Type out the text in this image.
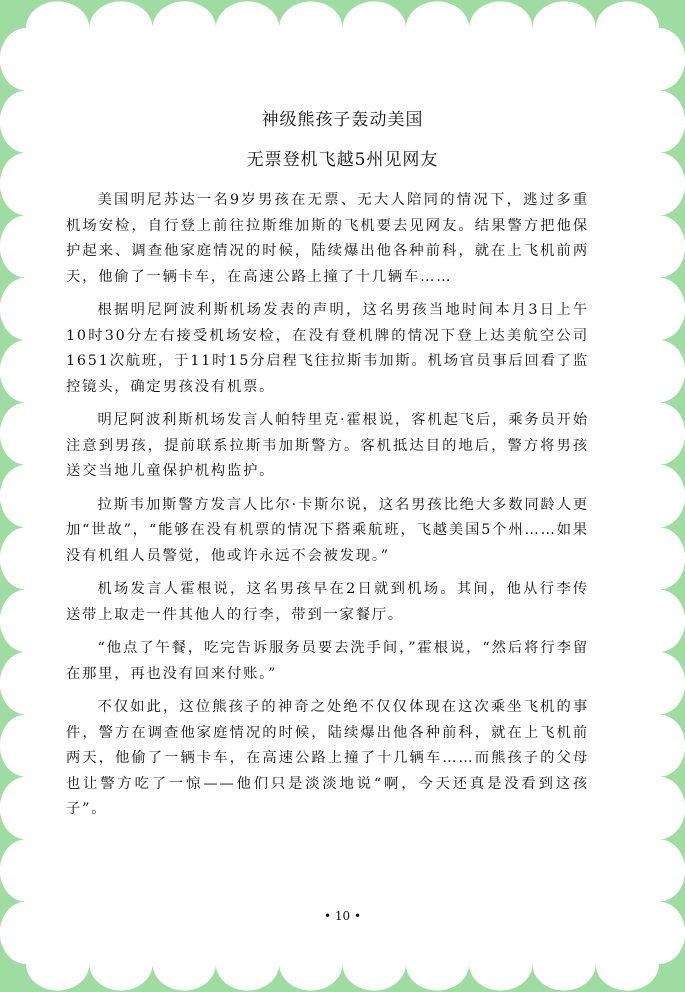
神级熊孩子轰动美国
无票登机飞越5州见网友

美国明尼苏达一名9岁男孩在无票、无大人陪同的情况下，逃过多重机场安检，自行登上前往拉斯维加斯的飞机要去见网友。结果警方把他保护起来、调查他家庭情况的时候，陆续爆出他各种前科，就在上飞机前两天，他偷了一辆卡车，在高速公路上撞了十几辆车……

根据明尼阿波利斯机场发表的声明，这名男孩当地时间本月3日上午10时30分左右接受机场安检，在没有登机牌的情况下登上达美航空公司1651次航班，于11时15分启程飞往拉斯韦加斯。机场官员事后回看了监控镜头，确定男孩没有机票。

明尼阿波利斯机场发言人帕特里克·霍根说，客机起飞后，乘务员开始注意到男孩，提前联系拉斯韦加斯警方。客机抵达目的地后，警方将男孩送交当地儿童保护机构监护。

拉斯韦加斯警方发言人比尔·卡斯尔说，这名男孩比绝大多数同龄人更加“世故”，“能够在没有机票的情况下搭乘航班，飞越美国5个州……如果没有机组人员警觉，他或许永远不会被发现。”

机场发言人霍根说，这名男孩早在2日就到机场。其间，他从行李传送带上取走一件其他人的行李，带到一家餐厅。

“他点了午餐，吃完告诉服务员要去洗手间，”霍根说，“然后将行李留在那里，再也没有回来付账。”

不仅如此，这位熊孩子的神奇之处绝不仅仅体现在这次乘坐飞机的事件，警方在调查他家庭情况的时候，陆续爆出他各种前科，就在上飞机前两天，他偷了一辆卡车，在高速公路上撞了十几辆车……而熊孩子的父母也让警方吃了一惊——他们只是淡淡地说“啊，今天还真是没看到这孩子”。

• 10 •
